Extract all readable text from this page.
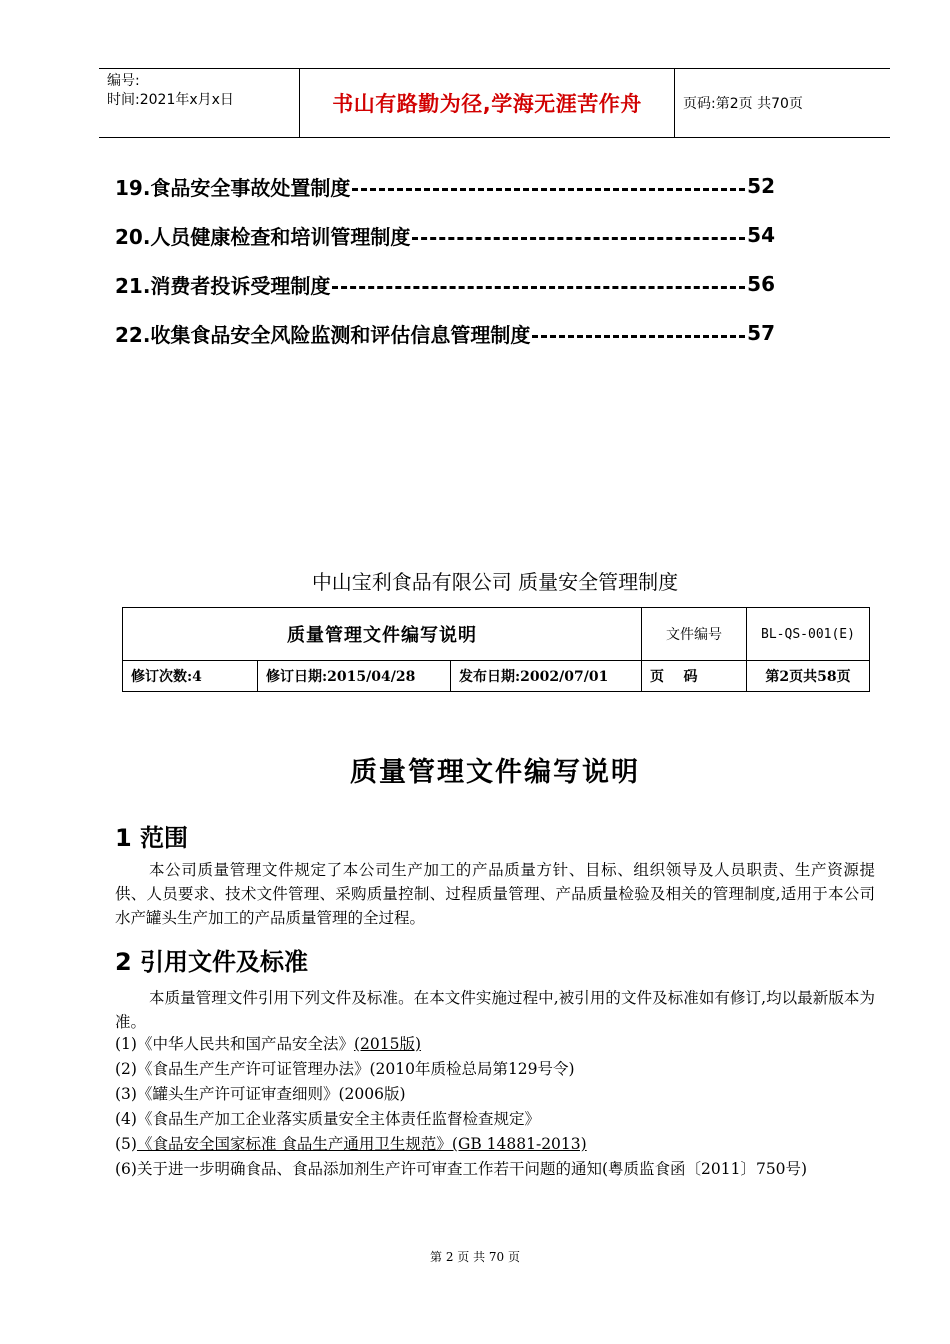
编号:
时间:2021年x月x日	书山有路勤为径,学海无涯苦作舟	页码:第2页 共70页
19.食品安全事故处置制度	52
20.人员健康检查和培训管理制度	54
21.消费者投诉受理制度	56
22.收集食品安全风险监测和评估信息管理制度	57
中山宝利食品有限公司 质量安全管理制度
质量管理文件编写说明			文件编号	BL-QS-001(E)
修订次数:4	修订日期:2015/04/28	发布日期:2002/07/01	页    码	第2页共58页
质量管理文件编写说明
1 范围
本公司质量管理文件规定了本公司生产加工的产品质量方针、目标、组织领导及人员职责、生产资源提供、人员要求、技术文件管理、采购质量控制、过程质量管理、产品质量检验及相关的管理制度,适用于本公司水产罐头生产加工的产品质量管理的全过程。
2 引用文件及标准
本质量管理文件引用下列文件及标准。在本文件实施过程中,被引用的文件及标准如有修订,均以最新版本为准。
(1)《中华人民共和国产品安全法》(2015版)
(2)《食品生产生产许可证管理办法》(2010年质检总局第129号令)
(3)《罐头生产许可证审查细则》(2006版)
(4)《食品生产加工企业落实质量安全主体责任监督检查规定》
(5)《食品安全国家标准 食品生产通用卫生规范》(GB 14881-2013)
(6)关于进一步明确食品、食品添加剂生产许可审查工作若干问题的通知(粤质监食函〔2011〕750号)
第 2 页 共 70 页
